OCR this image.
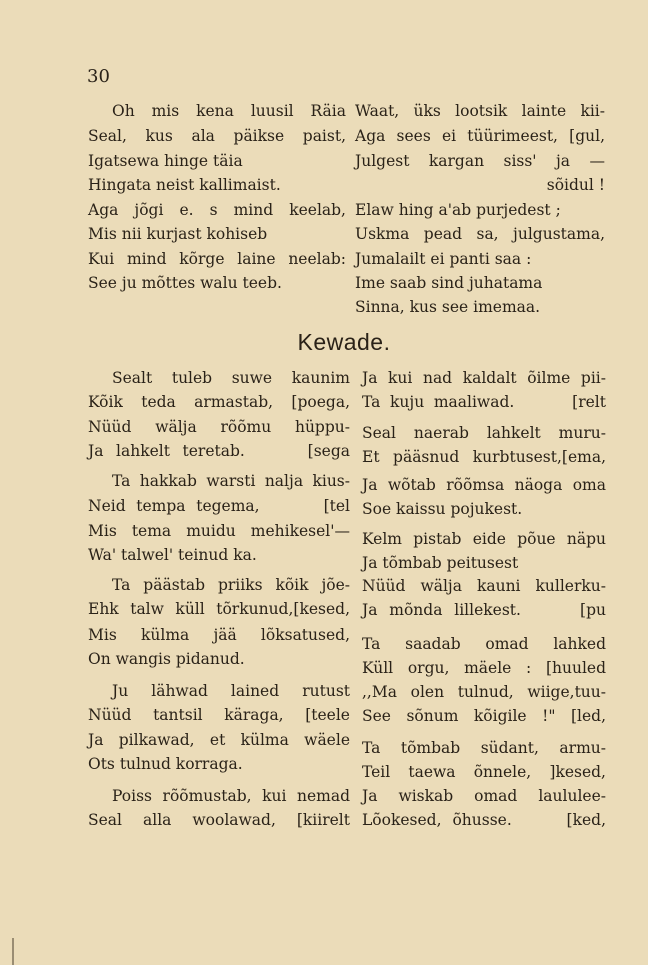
30
Oh mis kena luusil Räia
Seal, kus ala päikse paist,
Igatsewa hinge täia
Hingata neist kallimaist.
Aga jõgi e. s mind keelab,
Mis nii kurjast kohiseb
Kui mind kõrge laine neelab:
See ju mõttes walu teeb.
Waat, üks lootsik lainte kii-
Aga sees ei tüürimeest, [gul,
Julgest kargan siss' ja —
sõidul !
Elaw hing a'ab purjedest ;
Uskma pead sa, julgustama,
Jumalailt ei panti saa :
Ime saab sind juhatama
Sinna, kus see imemaa.
Kewade.
Sealt tuleb suwe kaunim
Kõik teda armastab, [poega,
Nüüd wälja rõõmu hüppu-
Ja lahkelt teretab.     [sega
Ta hakkab warsti nalja kius-
Neid tempa tegema,      [tel
Mis tema muidu mehikesel'—
Wa' talwel' teinud ka.
Ta päästab priiks kõik jõe-
Ehk talw küll tõrkunud,[kesed,
Mis külma jää lõksatused,
On wangis pidanud.
Ju lähwad lained rutust
Nüüd tantsil käraga, [teele
Ja pilkawad, et külma wäele
Ots tulnud korraga.
Poiss rõõmustab, kui nemad
Seal alla woolawad, [kiirelt
Ja kui nad kaldalt õilme pii-
Ta kuju maaliwad.      [relt
Seal naerab lahkelt muru-
Et pääsnud kurbtusest,[ema,
Ja wõtab rõõmsa näoga oma
Soe kaissu pojukest.
Kelm pistab eide põue näpu
Ja tõmbab peitusest
Nüüd wälja kauni kullerku-
Ja mõnda lillekest.     [pu
Ta saadab omad lahked
Küll orgu, mäele : [huuled
,,Ma olen tulnud, wiige,tuu-
See sõnum kõigile !" [led,
Ta tõmbab südant, armu-
Teil taewa õnnele, ]kesed,
Ja wiskab omad laululee-
Lõokesed, õhusse.     [ked,
